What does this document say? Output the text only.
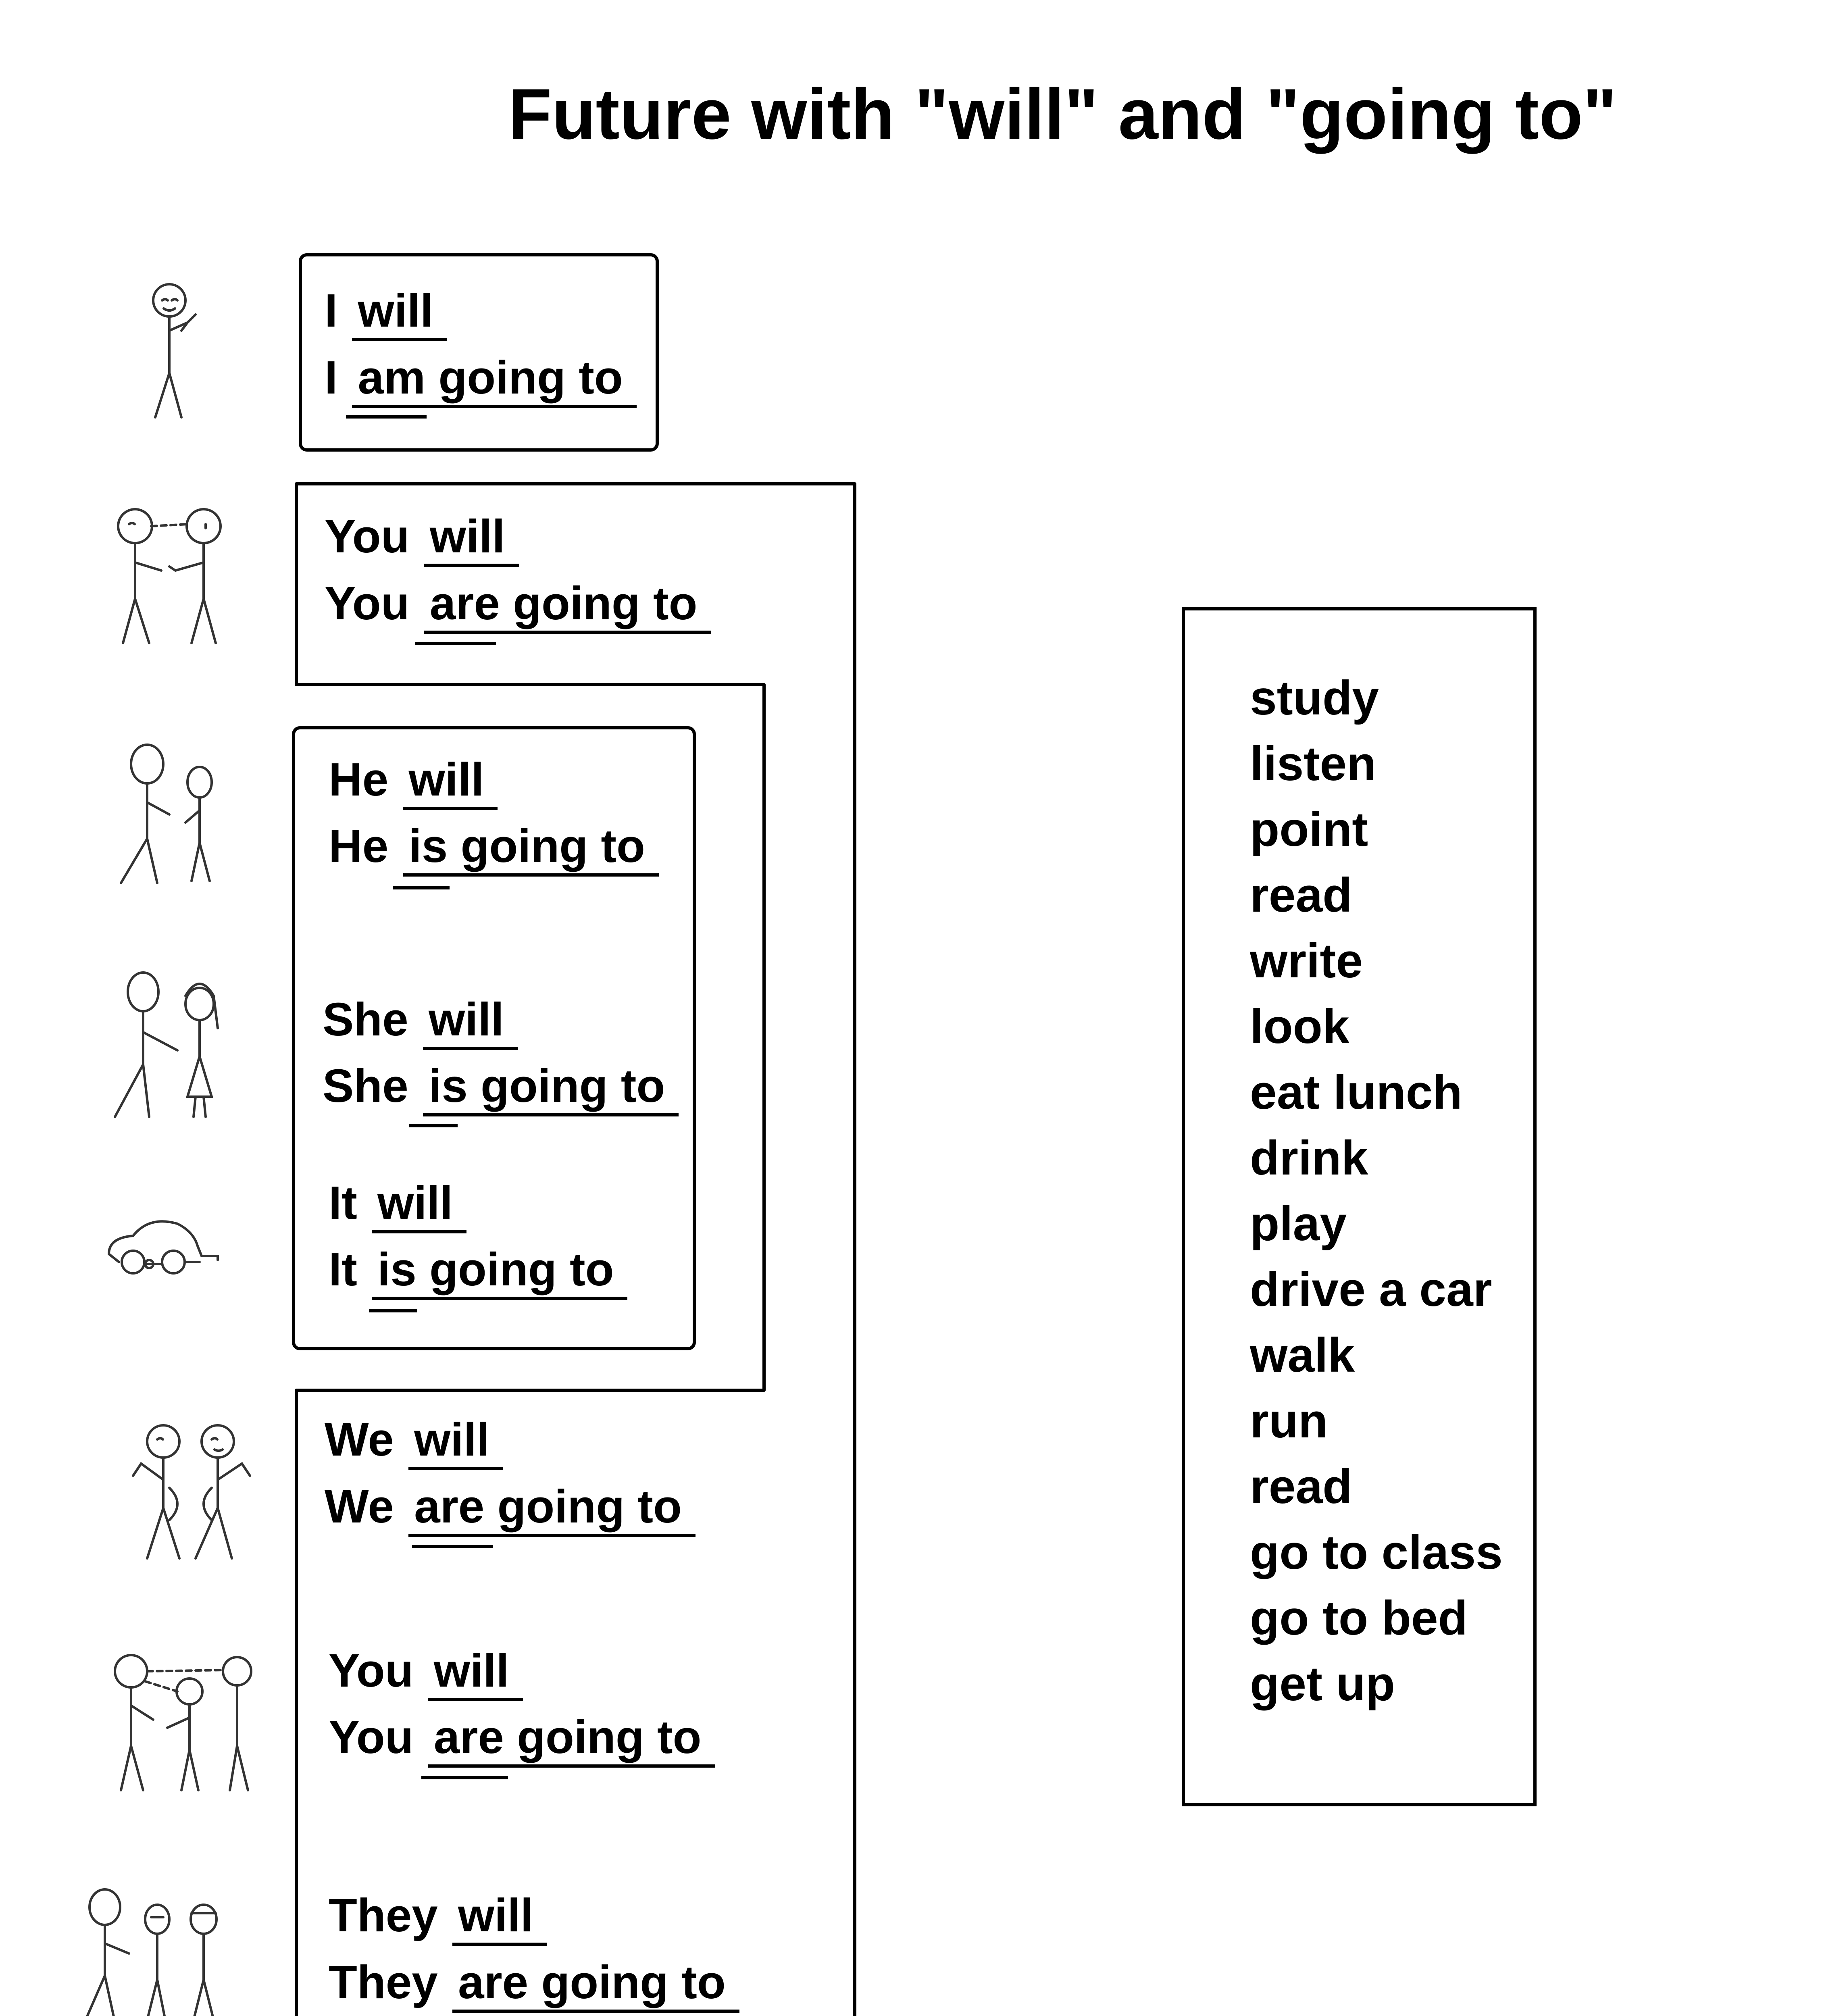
Future with "will" and "going to"
I will
I am going to
You will
You are going to
He will
He is going to
She will
She is going to
It will
It is going to
We will
We are going to
You will
You are going to
They will
They are going to
study
listen
point
read
write
look
eat lunch
drink
play
drive a car
walk
run
read
go to class
go to bed
get up
